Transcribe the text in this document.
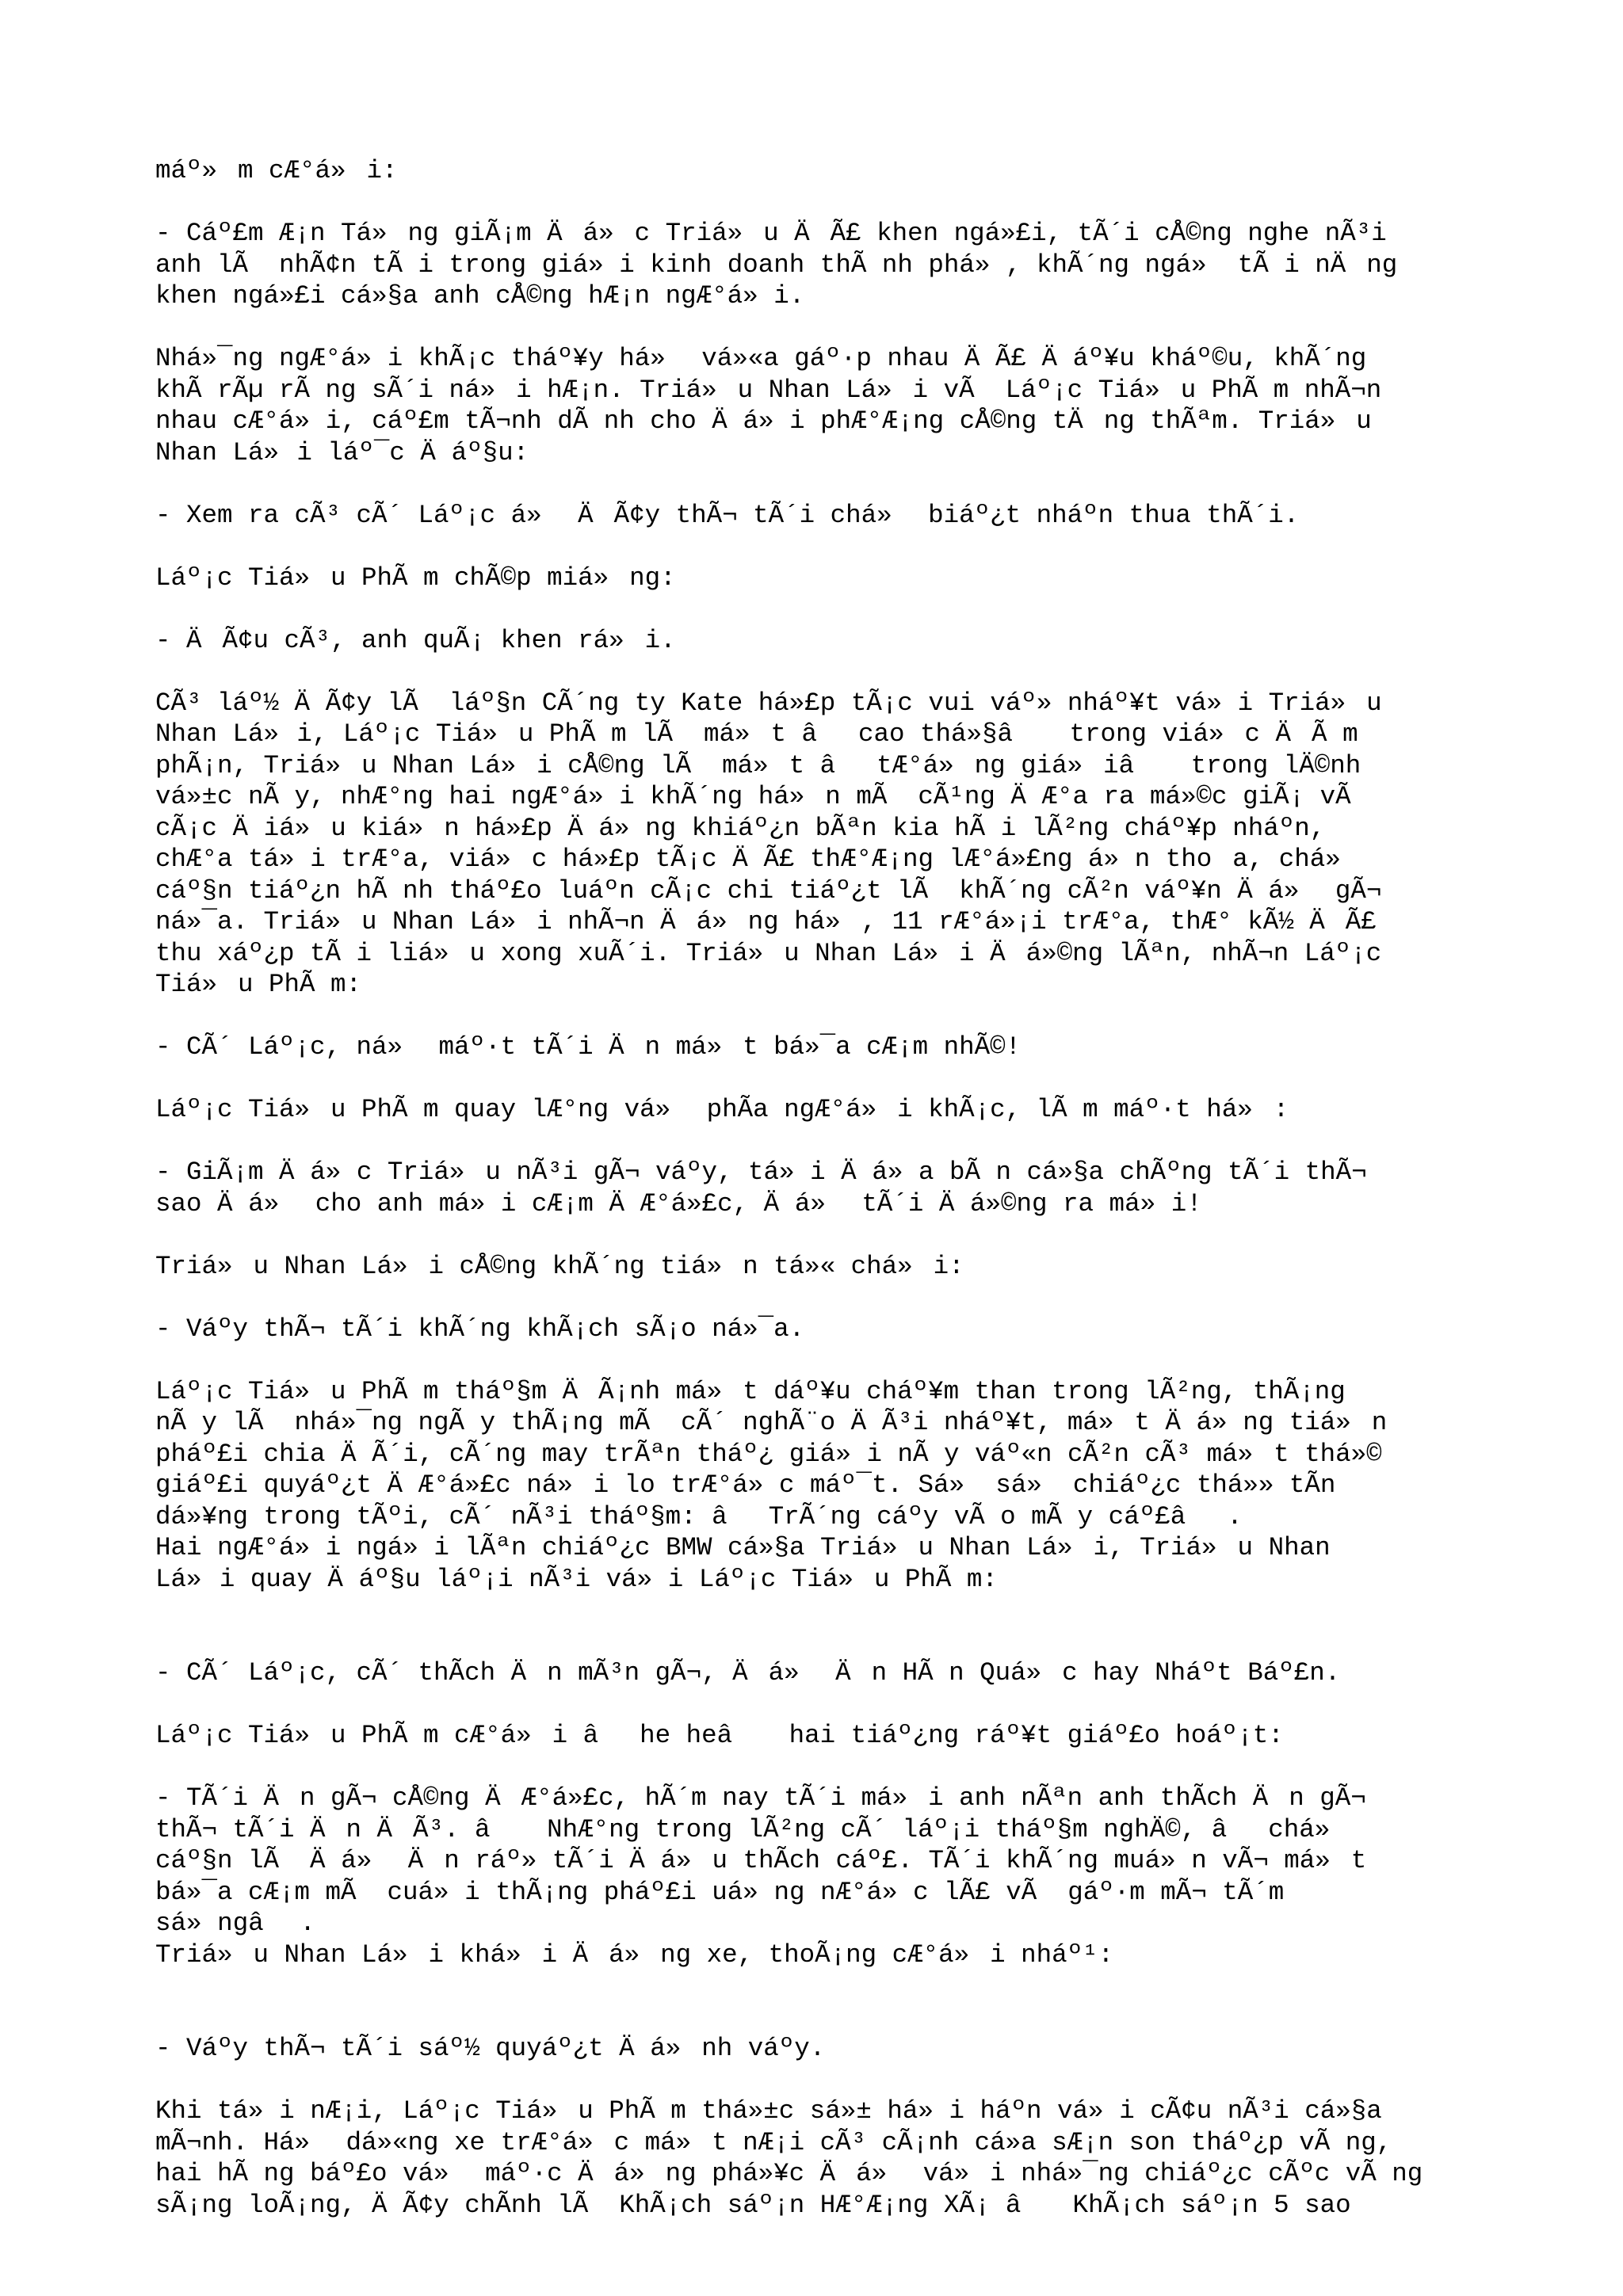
máº»m cÆ°á»i:
- Cáº£m Æ¡n Tá»ng giÃ¡m Äá»c Triá»u ÄÃ£ khen ngá»£i, tÃ´i cÅ©ng nghe nÃ³i
anh lÃ  nhÃ¢n tÃ i trong giá»i kinh doanh thÃ nh phá», khÃ´ng ngá» tÃ i nÄng
khen ngá»£i cá»§a anh cÅ©ng hÆ¡n ngÆ°á»i.
Nhá»¯ng ngÆ°á»i khÃ¡c tháº¥y há» vá»«a gáº·p nhau ÄÃ£ Äáº¥u kháº©u, khÃ´ng
khÃ rÃµ rÃ ng sÃ´i ná»i hÆ¡n. Triá»u Nhan Lá»i vÃ  Láº¡c Tiá»u PhÃ m nhÃ¬n
nhau cÆ°á»i, cáº£m tÃ¬nh dÃ nh cho Äá»i phÆ°Æ¡ng cÅ©ng tÄng thÃªm. Triá»u
Nhan Lá»i láº¯c Äáº§u:
- Xem ra cÃ³ cÃ´ Láº¡c á» ÄÃ¢y thÃ¬ tÃ´i chá» biáº¿t nháºn thua thÃ´i.
Láº¡c Tiá»u PhÃ m chÃ©p miá»ng:
- ÄÃ¢u cÃ³, anh quÃ¡ khen rá»i.
CÃ³ láº½ ÄÃ¢y lÃ  láº§n CÃ´ng ty Kate há»£p tÃ¡c vui váº» nháº¥t vá»i Triá»u
Nhan Lá»i, Láº¡c Tiá»u PhÃ m lÃ  má»t âcao thá»§â trong viá»c ÄÃ m
phÃ¡n, Triá»u Nhan Lá»i cÅ©ng lÃ  má»t âtÆ°á»ng giá»iâ trong lÄ©nh
vá»±c nÃ y, nhÆ°ng hai ngÆ°á»i khÃ´ng há»n mÃ  cÃ¹ng ÄÆ°a ra má»©c giÃ¡ vÃ
cÃ¡c Äiá»u kiá»n há»£p Äá»ng khiáº¿n bÃªn kia hÃ i lÃ²ng cháº¥p nháºn,
chÆ°a tá»i trÆ°a, viá»c há»£p tÃ¡c ÄÃ£ thÆ°Æ¡ng lÆ°á»£ng á»n thoa, chá»
cáº§n tiáº¿n hÃ nh tháº£o luáºn cÃ¡c chi tiáº¿t lÃ  khÃ´ng cÃ²n váº¥n Äá» gÃ¬
ná»¯a. Triá»u Nhan Lá»i nhÃ¬n Äá»ng há», 11 rÆ°á»¡i trÆ°a, thÆ° kÃ½ ÄÃ£
thu xáº¿p tÃ i liá»u xong xuÃ´i. Triá»u Nhan Lá»i Äá»©ng lÃªn, nhÃ¬n Láº¡c
Tiá»u PhÃ m:
- CÃ´ Láº¡c, ná» máº·t tÃ´i Än má»t bá»¯a cÆ¡m nhÃ©!
Láº¡c Tiá»u PhÃ m quay lÆ°ng vá» phÃa ngÆ°á»i khÃ¡c, lÃ m máº·t há»:
- GiÃ¡m Äá»c Triá»u nÃ³i gÃ¬ váºy, tá»i Äá»a bÃ n cá»§a chÃºng tÃ´i thÃ¬
sao Äá» cho anh má»i cÆ¡m ÄÆ°á»£c, Äá» tÃ´i Äá»©ng ra má»i!
Triá»u Nhan Lá»i cÅ©ng khÃ´ng tiá»n tá»« chá»i:
- Váºy thÃ¬ tÃ´i khÃ´ng khÃ¡ch sÃ¡o ná»¯a.
Láº¡c Tiá»u PhÃ m tháº§m ÄÃ¡nh má»t dáº¥u cháº¥m than trong lÃ²ng, thÃ¡ng
nÃ y lÃ  nhá»¯ng ngÃ y thÃ¡ng mÃ  cÃ´ nghÃ¨o ÄÃ³i nháº¥t, má»t Äá»ng tiá»n
pháº£i chia ÄÃ´i, cÃ´ng may trÃªn tháº¿ giá»i nÃ y váº«n cÃ²n cÃ³ má»t thá»©
giáº£i quyáº¿t ÄÆ°á»£c ná»i lo trÆ°á»c máº¯t. Sá» sá» chiáº¿c thá»» tÃn
dá»¥ng trong tÃºi, cÃ´ nÃ³i tháº§m: âTrÃ´ng cáºy vÃ o mÃ y cáº£â.
Hai ngÆ°á»i ngá»i lÃªn chiáº¿c BMW cá»§a Triá»u Nhan Lá»i, Triá»u Nhan
Lá»i quay Äáº§u láº¡i nÃ³i vá»i Láº¡c Tiá»u PhÃ m:

- CÃ´ Láº¡c, cÃ´ thÃch Än mÃ³n gÃ¬, Äá» Än HÃ n Quá»c hay Nháºt Báº£n.
Láº¡c Tiá»u PhÃ m cÆ°á»i âhe heâ hai tiáº¿ng ráº¥t giáº£o hoáº¡t:
- TÃ´i Än gÃ¬ cÅ©ng ÄÆ°á»£c, hÃ´m nay tÃ´i má»i anh nÃªn anh thÃch Än gÃ¬
thÃ¬ tÃ´i Än ÄÃ³. â NhÆ°ng trong lÃ²ng cÃ´ láº¡i tháº§m nghÄ©, âchá»
cáº§n lÃ  Äá» Än ráº» tÃ´i Äá»u thÃch cáº£. TÃ´i khÃ´ng muá»n vÃ¬ má»t
bá»¯a cÆ¡m mÃ  cuá»i thÃ¡ng pháº£i uá»ng nÆ°á»c lÃ£ vÃ  gáº·m mÃ¬ tÃ´m
sá»ngâ.
Triá»u Nhan Lá»i khá»i Äá»ng xe, thoÃ¡ng cÆ°á»i nháº¹:

- Váºy thÃ¬ tÃ´i sáº½ quyáº¿t Äá»nh váºy.
Khi tá»i nÆ¡i, Láº¡c Tiá»u PhÃ m thá»±c sá»± há»i háºn vá»i cÃ¢u nÃ³i cá»§a
mÃ¬nh. Há» dá»«ng xe trÆ°á»c má»t nÆ¡i cÃ³ cÃ¡nh cá»a sÆ¡n son tháº¿p vÃ ng,
hai hÃ ng báº£o vá» máº·c Äá»ng phá»¥c Äá» vá»i nhá»¯ng chiáº¿c cÃºc vÃ ng
sÃ¡ng loÃ¡ng, ÄÃ¢y chÃnh lÃ  KhÃ¡ch sáº¡n HÆ°Æ¡ng XÃ¡ â KhÃ¡ch sáº¡n 5 sao
